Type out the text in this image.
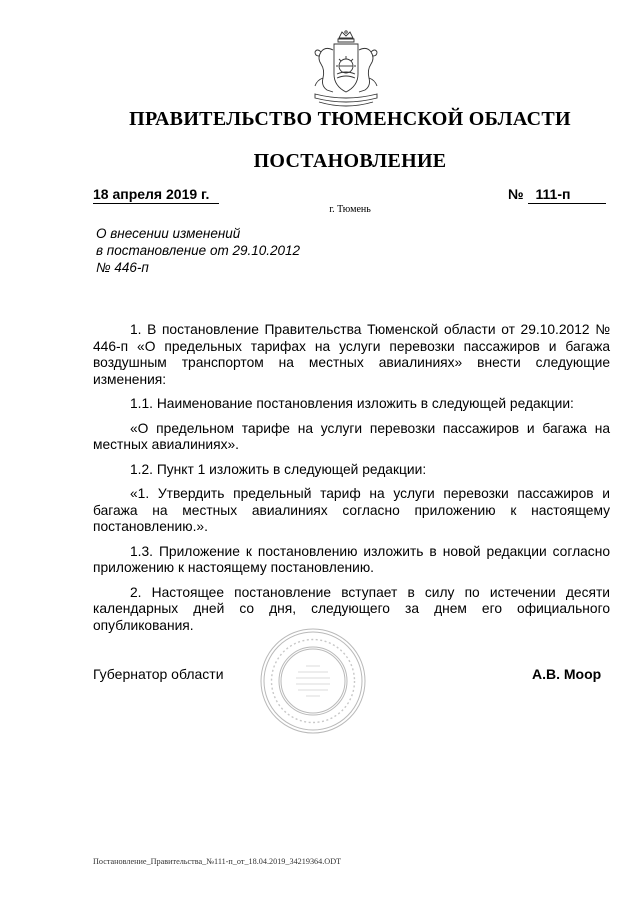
ПРАВИТЕЛЬСТВО ТЮМЕНСКОЙ ОБЛАСТИ
ПОСТАНОВЛЕНИЕ
18 апреля 2019 г.	№ 111-п
г. Тюмень
О внесении изменений
в постановление от 29.10.2012
№ 446-п

1. В постановление Правительства Тюменской области от 29.10.2012 № 446-п «О предельных тарифах на услуги перевозки пассажиров и багажа воздушным транспортом на местных авиалиниях» внести следующие изменения:

1.1. Наименование постановления изложить в следующей редакции:

«О предельном тарифе на услуги перевозки пассажиров и багажа на местных авиалиниях».

1.2. Пункт 1 изложить в следующей редакции:

«1. Утвердить предельный тариф на услуги перевозки пассажиров и багажа на местных авиалиниях согласно приложению к настоящему постановлению.».

1.3. Приложение к постановлению изложить в новой редакции согласно приложению к настоящему постановлению.

2. Настоящее постановление вступает в силу по истечении десяти календарных дней со дня, следующего за днем его официального опубликования.

Губернатор области	А.В. Моор
Постановление_Правительства_№111-п_от_18.04.2019_34219364.ODT
